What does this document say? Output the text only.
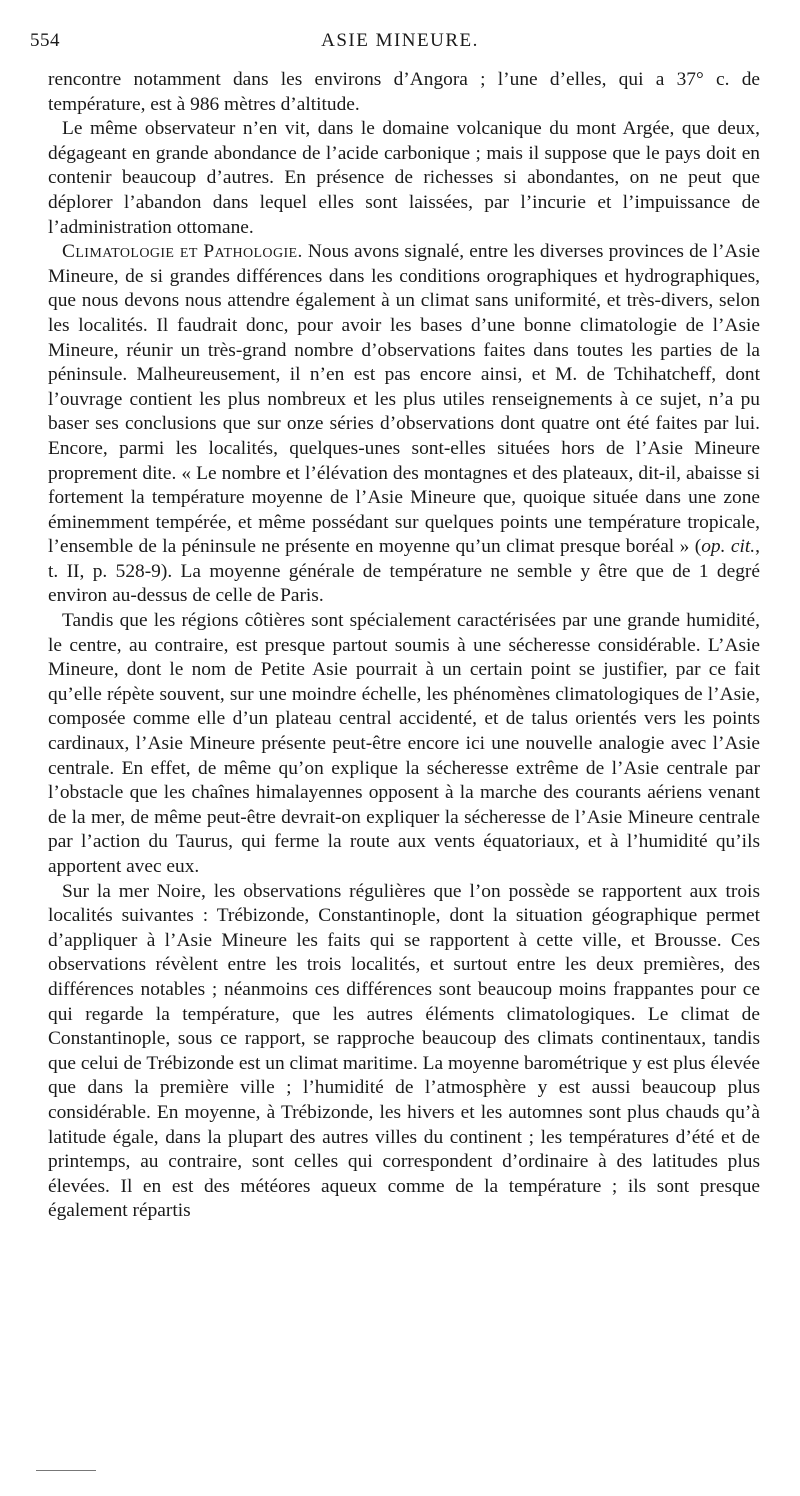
554	ASIE MINEURE.

rencontre notamment dans les environs d’Angora ; l’une d’elles, qui a 37° c. de température, est à 986 mètres d’altitude.

Le même observateur n’en vit, dans le domaine volcanique du mont Argée, que deux, dégageant en grande abondance de l’acide carbonique ; mais il suppose que le pays doit en contenir beaucoup d’autres. En présence de richesses si abondantes, on ne peut que déplorer l’abandon dans lequel elles sont laissées, par l’incurie et l’impuissance de l’administration ottomane.

Climatologie et Pathologie. Nous avons signalé, entre les diverses provinces de l’Asie Mineure, de si grandes différences dans les conditions orographiques et hydrographiques, que nous devons nous attendre également à un climat sans uniformité, et très-divers, selon les localités. Il faudrait donc, pour avoir les bases d’une bonne climatologie de l’Asie Mineure, réunir un très-grand nombre d’observations faites dans toutes les parties de la péninsule. Malheureusement, il n’en est pas encore ainsi, et M. de Tchihatcheff, dont l’ouvrage contient les plus nombreux et les plus utiles renseignements à ce sujet, n’a pu baser ses conclusions que sur onze séries d’observations dont quatre ont été faites par lui. Encore, parmi les localités, quelques-unes sont-elles situées hors de l’Asie Mineure proprement dite. « Le nombre et l’élévation des montagnes et des plateaux, dit-il, abaisse si fortement la température moyenne de l’Asie Mineure que, quoique située dans une zone éminemment tempérée, et même possédant sur quelques points une température tropicale, l’ensemble de la péninsule ne présente en moyenne qu’un climat presque boréal » (op. cit., t. II, p. 528-9). La moyenne générale de température ne semble y être que de 1 degré environ au-dessus de celle de Paris.

Tandis que les régions côtières sont spécialement caractérisées par une grande humidité, le centre, au contraire, est presque partout soumis à une sécheresse considérable. L’Asie Mineure, dont le nom de Petite Asie pourrait à un certain point se justifier, par ce fait qu’elle répète souvent, sur une moindre échelle, les phénomènes climatologiques de l’Asie, composée comme elle d’un plateau central accidenté, et de talus orientés vers les points cardinaux, l’Asie Mineure présente peut-être encore ici une nouvelle analogie avec l’Asie centrale. En effet, de même qu’on explique la sécheresse extrême de l’Asie centrale par l’obstacle que les chaînes himalayennes opposent à la marche des courants aériens venant de la mer, de même peut-être devrait-on expliquer la sécheresse de l’Asie Mineure centrale par l’action du Taurus, qui ferme la route aux vents équatoriaux, et à l’humidité qu’ils apportent avec eux.

Sur la mer Noire, les observations régulières que l’on possède se rapportent aux trois localités suivantes : Trébizonde, Constantinople, dont la situation géographique permet d’appliquer à l’Asie Mineure les faits qui se rapportent à cette ville, et Brousse. Ces observations révèlent entre les trois localités, et surtout entre les deux premières, des différences notables ; néanmoins ces différences sont beaucoup moins frappantes pour ce qui regarde la température, que les autres éléments climatologiques. Le climat de Constantinople, sous ce rapport, se rapproche beaucoup des climats continentaux, tandis que celui de Trébizonde est un climat maritime. La moyenne barométrique y est plus élevée que dans la première ville ; l’humidité de l’atmosphère y est aussi beaucoup plus considérable. En moyenne, à Trébizonde, les hivers et les automnes sont plus chauds qu’à latitude égale, dans la plupart des autres villes du continent ; les températures d’été et de printemps, au contraire, sont celles qui correspondent d’ordinaire à des latitudes plus élevées. Il en est des météores aqueux comme de la température ; ils sont presque également répartis
